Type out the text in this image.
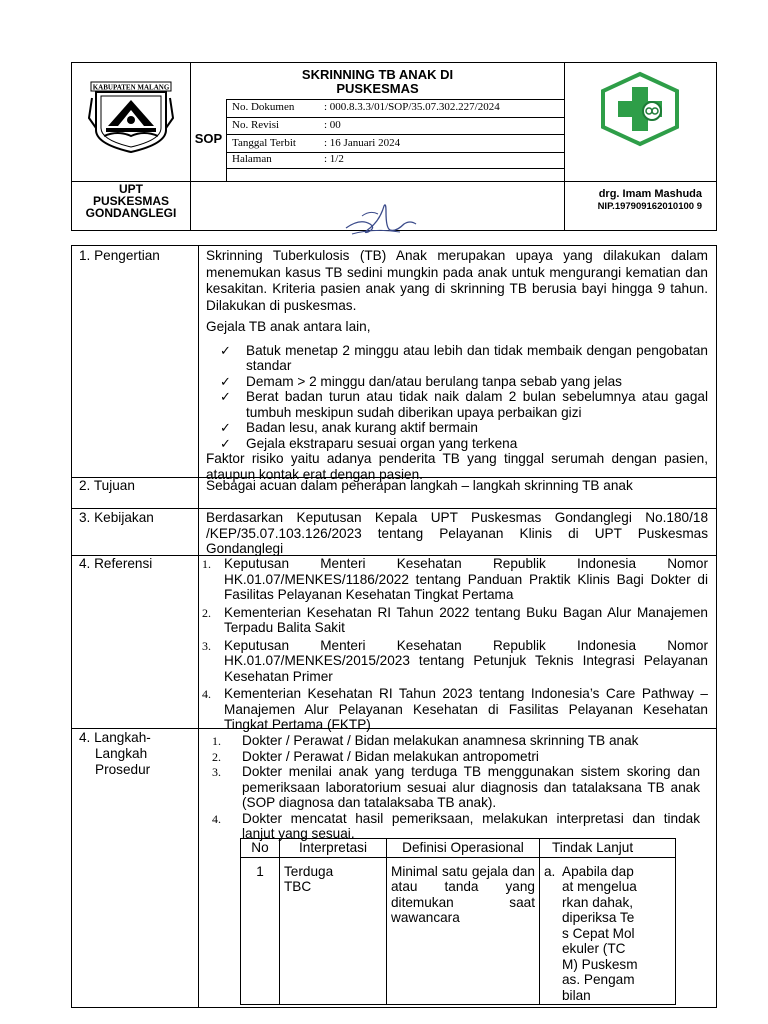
KABUPATEN MALANG
SKRINNING TB ANAK DI
PUSKESMAS
SOP
No. Dokumen	: 000.8.3.3/01/SOP/35.07.302.227/2024
No. Revisi	: 00
Tanggal Terbit	: 16 Januari 2024
Halaman	: 1/2
UPT
PUSKESMAS
GONDANGLEGI
drg. Imam Mashuda
NIP.197909162010100 9
1. Pengertian	Skrinning Tuberkulosis (TB) Anak merupakan upaya yang dilakukan dalam menemukan kasus TB sedini mungkin pada anak untuk mengurangi kematian dan kesakitan. Kriteria pasien anak yang di skrinning TB berusia bayi hingga 9 tahun. Dilakukan di puskesmas.
Gejala TB anak antara lain,
✓ Batuk menetap 2 minggu atau lebih dan tidak membaik dengan pengobatan standar
✓ Demam > 2 minggu dan/atau berulang tanpa sebab yang jelas
✓ Berat badan turun atau tidak naik dalam 2 bulan sebelumnya atau gagal tumbuh meskipun sudah diberikan upaya perbaikan gizi
✓ Badan lesu, anak kurang aktif bermain
✓ Gejala ekstraparu sesuai organ yang terkena
Faktor risiko yaitu adanya penderita TB yang tinggal serumah dengan pasien, ataupun kontak erat dengan pasien.
2. Tujuan	Sebagai acuan dalam penerapan langkah – langkah skrinning TB anak
3. Kebijakan	Berdasarkan Keputusan Kepala UPT Puskesmas Gondanglegi No.180/18 /KEP/35.07.103.126/2023 tentang Pelayanan Klinis di UPT Puskesmas Gondanglegi
4. Referensi	1. Keputusan Menteri Kesehatan Republik Indonesia Nomor HK.01.07/MENKES/1186/2022 tentang Panduan Praktik Klinis Bagi Dokter di Fasilitas Pelayanan Kesehatan Tingkat Pertama
2. Kementerian Kesehatan RI Tahun 2022 tentang Buku Bagan Alur Manajemen Terpadu Balita Sakit
3. Keputusan Menteri Kesehatan Republik Indonesia Nomor HK.01.07/MENKES/2015/2023 tentang Petunjuk Teknis Integrasi Pelayanan Kesehatan Primer
4. Kementerian Kesehatan RI Tahun 2023 tentang Indonesia’s Care Pathway – Manajemen Alur Pelayanan Kesehatan di Fasilitas Pelayanan Kesehatan Tingkat Pertama (FKTP)
4. Langkah-
Langkah
Prosedur
1. Dokter / Perawat / Bidan melakukan anamnesa skrinning TB anak
2. Dokter / Perawat / Bidan melakukan antropometri
3. Dokter menilai anak yang terduga TB menggunakan sistem skoring dan pemeriksaan laboratorium sesuai alur diagnosis dan tatalaksana TB anak (SOP diagnosa dan tatalaksaba TB anak).
4. Dokter mencatat hasil pemeriksaan, melakukan interpretasi dan tindak lanjut yang sesuai.
No	Interpretasi	Definisi Operasional	Tindak Lanjut
1	Terduga TBC	Minimal satu gejala dan atau tanda yang ditemukan saat wawancara	a. Apabila dapat mengeluarkan dahak, diperiksa Tes Cepat Molekuler (TCM) Puskesmas. Pengambilan
